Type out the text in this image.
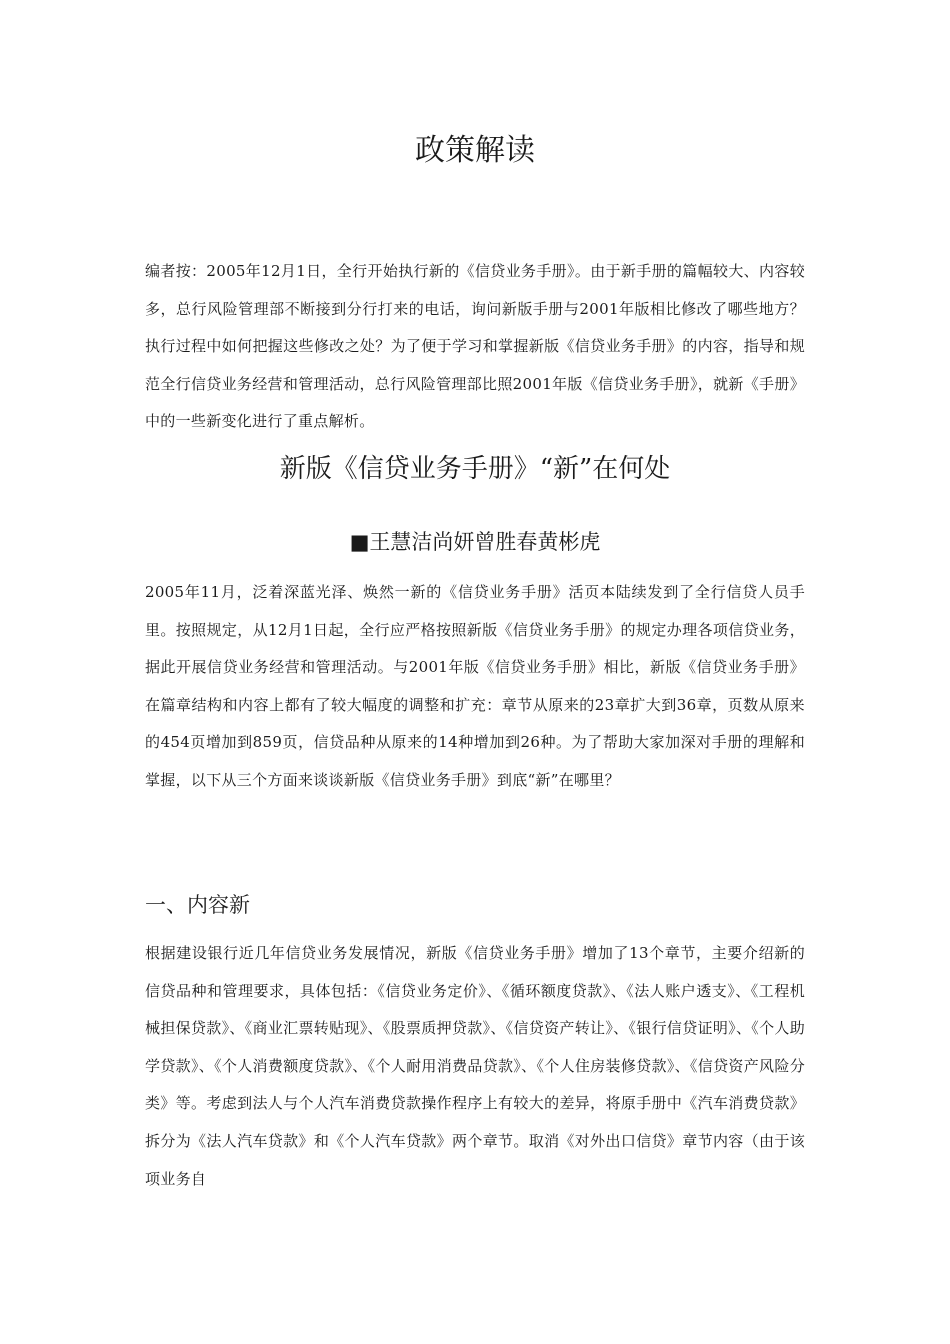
政策解读

编者按：2005年12月1日，全行开始执行新的《信贷业务手册》。由于新手册的篇幅较大、内容较多，总行风险管理部不断接到分行打来的电话，询问新版手册与2001年版相比修改了哪些地方？执行过程中如何把握这些修改之处？为了便于学习和掌握新版《信贷业务手册》的内容，指导和规范全行信贷业务经营和管理活动，总行风险管理部比照2001年版《信贷业务手册》，就新《手册》中的一些新变化进行了重点解析。

新版《信贷业务手册》“新”在何处

■王慧洁尚妍曾胜春黄彬虎

2005年11月，泛着深蓝光泽、焕然一新的《信贷业务手册》活页本陆续发到了全行信贷人员手里。按照规定，从12月1日起，全行应严格按照新版《信贷业务手册》的规定办理各项信贷业务，据此开展信贷业务经营和管理活动。与2001年版《信贷业务手册》相比，新版《信贷业务手册》在篇章结构和内容上都有了较大幅度的调整和扩充：章节从原来的23章扩大到36章，页数从原来的454页增加到859页，信贷品种从原来的14种增加到26种。为了帮助大家加深对手册的理解和掌握，以下从三个方面来谈谈新版《信贷业务手册》到底“新”在哪里？

一、内容新

根据建设银行近几年信贷业务发展情况，新版《信贷业务手册》增加了13个章节，主要介绍新的信贷品种和管理要求，具体包括：《信贷业务定价》、《循环额度贷款》、《法人账户透支》、《工程机械担保贷款》、《商业汇票转贴现》、《股票质押贷款》、《信贷资产转让》、《银行信贷证明》、《个人助学贷款》、《个人消费额度贷款》、《个人耐用消费品贷款》、《个人住房装修贷款》、《信贷资产风险分类》等。考虑到法人与个人汽车消费贷款操作程序上有较大的差异，将原手册中《汽车消费贷款》拆分为《法人汽车贷款》和《个人汽车贷款》两个章节。取消《对外出口信贷》章节内容（由于该项业务自
